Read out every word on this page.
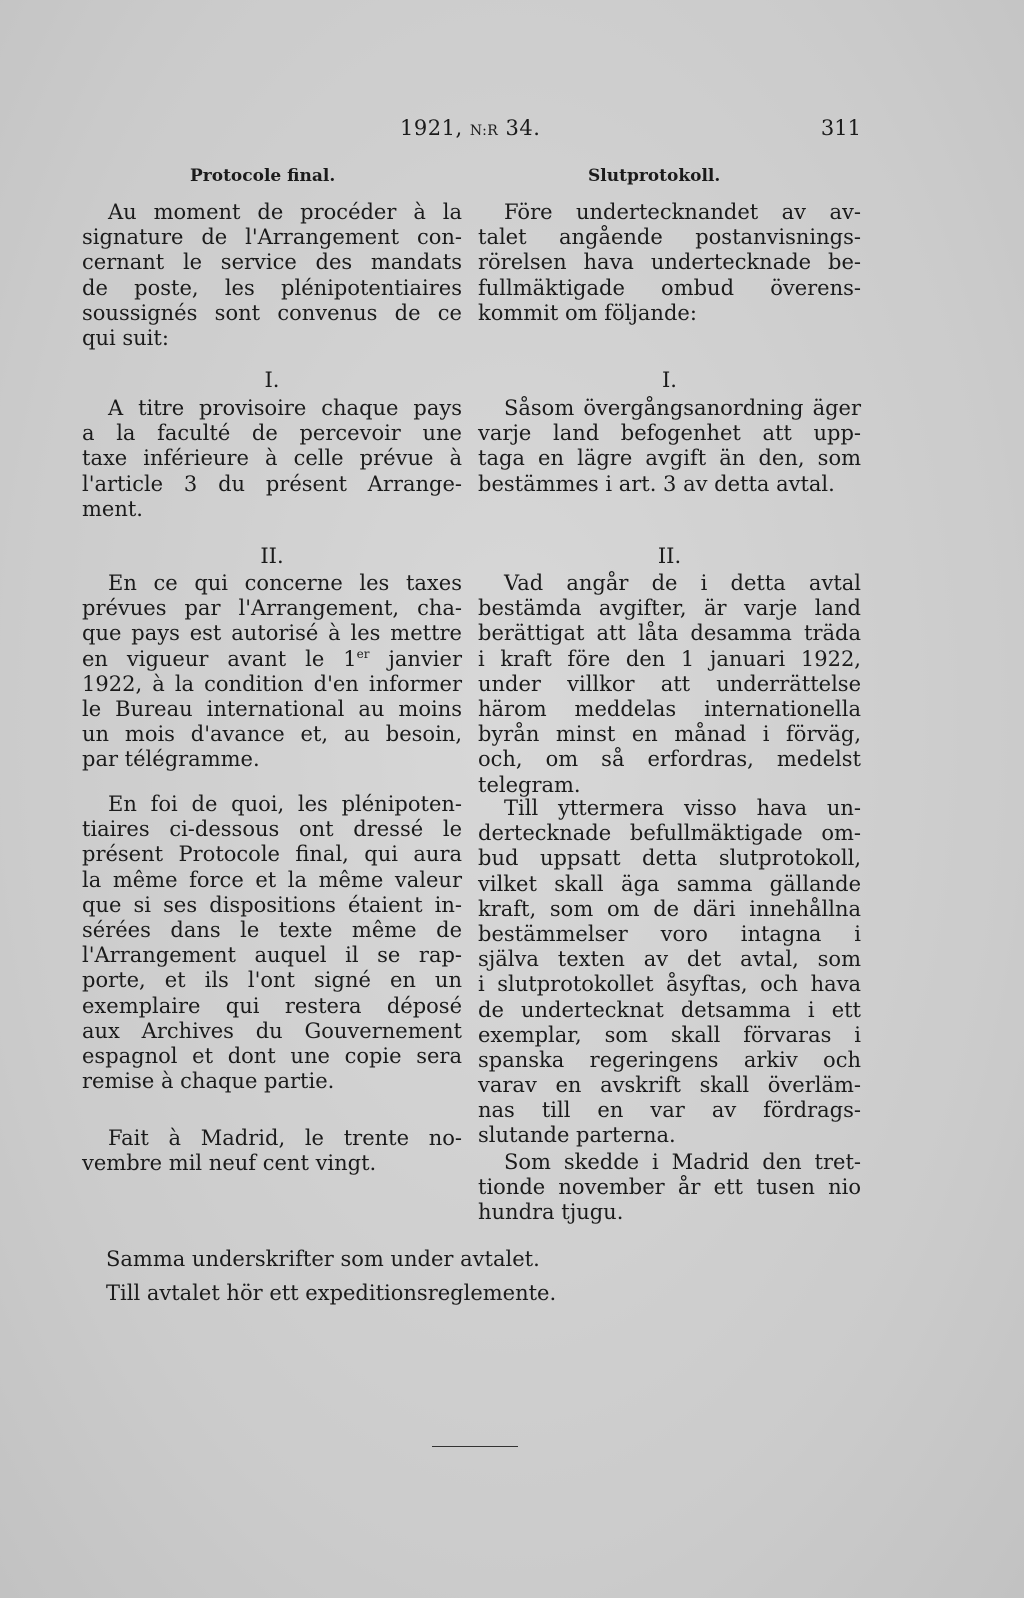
1921, N:R 34.	311
Protocole final.
Au moment de procéder à la
signature de l'Arrangement con-
cernant le service des mandats
de poste, les plénipotentiaires
soussignés sont convenus de ce
qui suit:
I.
A titre provisoire chaque pays
a la faculté de percevoir une
taxe inférieure à celle prévue à
l'article 3 du présent Arrange-
ment.
II.
En ce qui concerne les taxes
prévues par l'Arrangement, cha-
que pays est autorisé à les mettre
en vigueur avant le 1er janvier
1922, à la condition d'en informer
le Bureau international au moins
un mois d'avance et, au besoin,
par télégramme.
En foi de quoi, les plénipoten-
tiaires ci-dessous ont dressé le
présent Protocole final, qui aura
la même force et la même valeur
que si ses dispositions étaient in-
sérées dans le texte même de
l'Arrangement auquel il se rap-
porte, et ils l'ont signé en un
exemplaire qui restera déposé
aux Archives du Gouvernement
espagnol et dont une copie sera
remise à chaque partie.
Fait à Madrid, le trente no-
vembre mil neuf cent vingt.
Slutprotokoll.
Före undertecknandet av av-
talet angående postanvisnings-
rörelsen hava undertecknade be-
fullmäktigade ombud överens-
kommit om följande:
I.
Såsom övergångsanordning äger
varje land befogenhet att upp-
taga en lägre avgift än den, som
bestämmes i art. 3 av detta avtal.
II.
Vad angår de i detta avtal
bestämda avgifter, är varje land
berättigat att låta desamma träda
i kraft före den 1 januari 1922,
under villkor att underrättelse
härom meddelas internationella
byrån minst en månad i förväg,
och, om så erfordras, medelst
telegram.
Till yttermera visso hava un-
dertecknade befullmäktigade om-
bud uppsatt detta slutprotokoll,
vilket skall äga samma gällande
kraft, som om de däri innehållna
bestämmelser voro intagna i
själva texten av det avtal, som
i slutprotokollet åsyftas, och hava
de undertecknat detsamma i ett
exemplar, som skall förvaras i
spanska regeringens arkiv och
varav en avskrift skall överläm-
nas till en var av fördrags-
slutande parterna.
Som skedde i Madrid den tret-
tionde november år ett tusen nio
hundra tjugu.
Samma underskrifter som under avtalet.
Till avtalet hör ett expeditionsreglemente.
